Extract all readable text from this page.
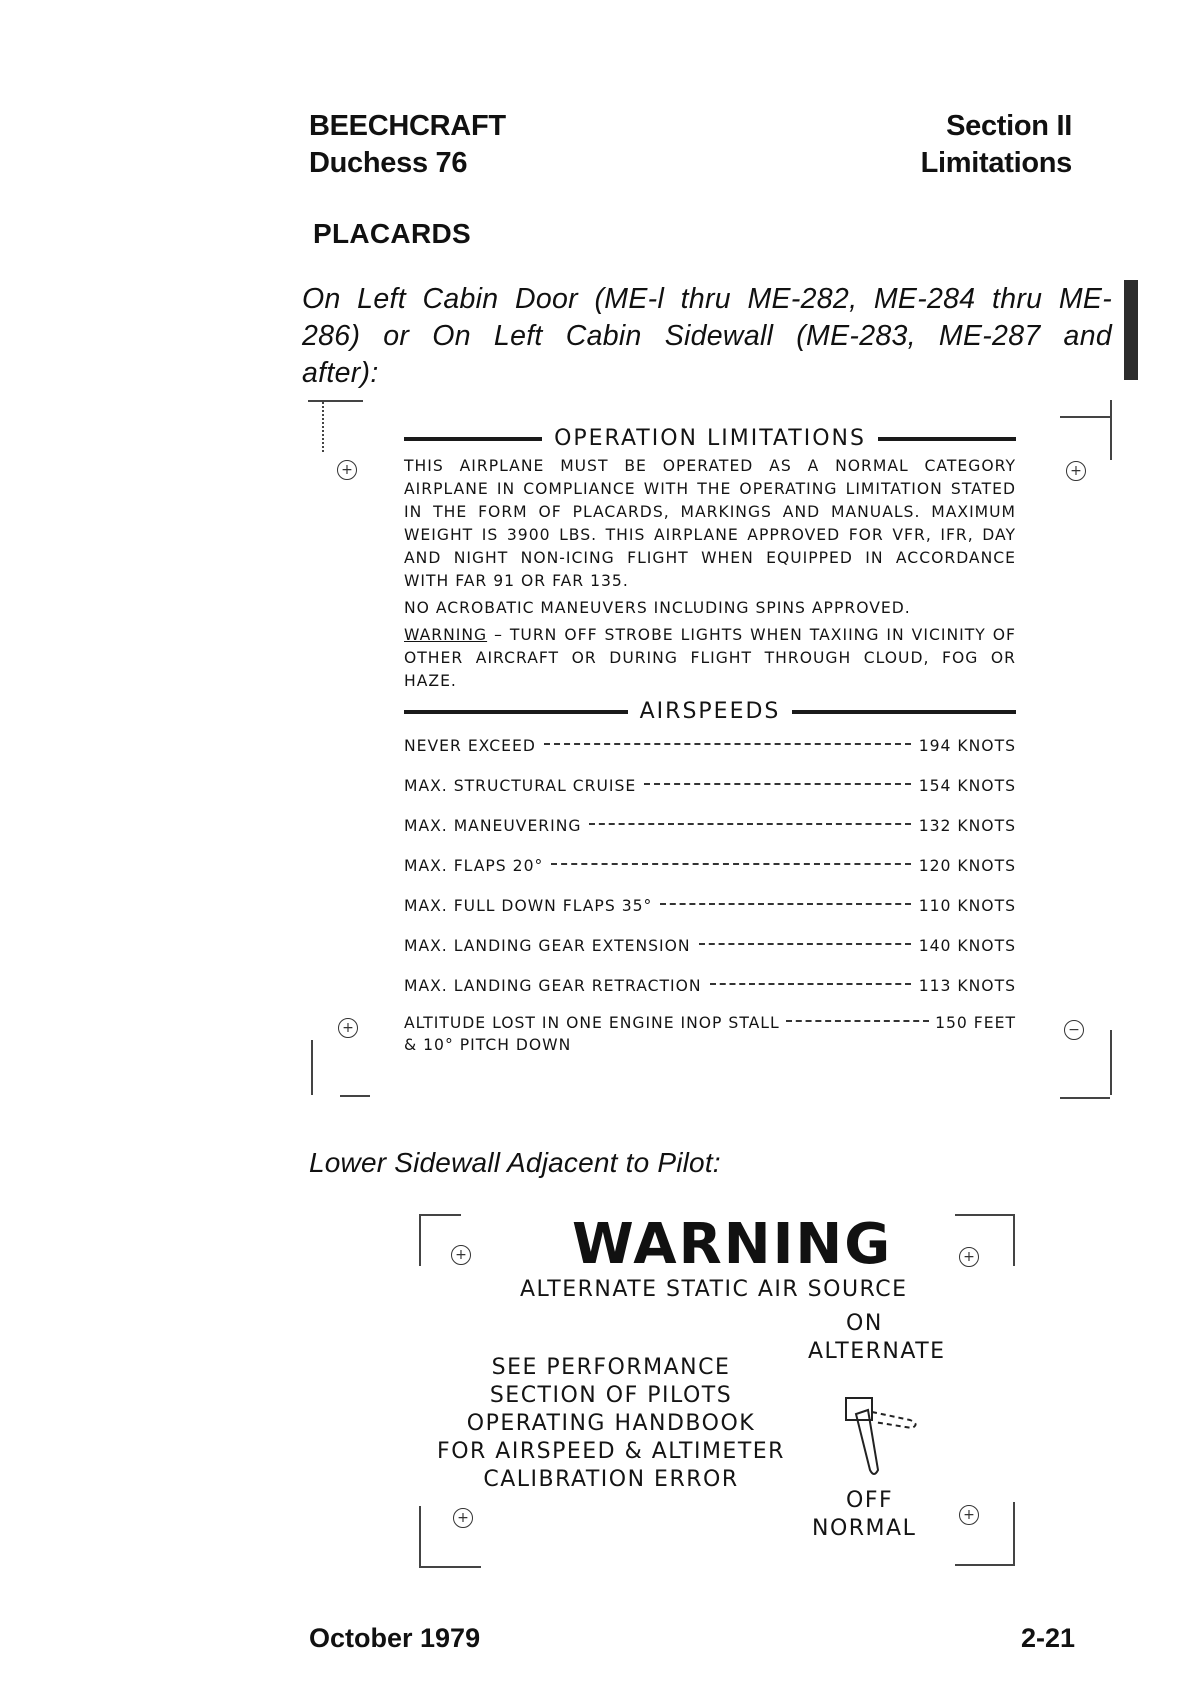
BEECHCRAFT
Duchess 76
Section II
Limitations
PLACARDS
On Left Cabin Door (ME-l thru ME-282, ME-284 thru ME-286) or On Left Cabin Sidewall (ME-283, ME-287 and after):
+	+
+	−
OPERATION LIMITATIONS
THIS AIRPLANE MUST BE OPERATED AS A NORMAL CATEGORY AIRPLANE IN COMPLIANCE WITH THE OPERATING LIMITATION STATED IN THE FORM OF PLACARDS, MARKINGS AND MANUALS. MAXIMUM WEIGHT IS 3900 LBS. THIS AIRPLANE APPROVED FOR VFR, IFR, DAY AND NIGHT NON-ICING FLIGHT WHEN EQUIPPED IN ACCORDANCE WITH FAR 91 OR FAR 135.
NO ACROBATIC MANEUVERS INCLUDING SPINS APPROVED.
WARNING – TURN OFF STROBE LIGHTS WHEN TAXIING IN VICINITY OF OTHER AIRCRAFT OR DURING FLIGHT THROUGH CLOUD, FOG OR HAZE.
AIRSPEEDS
NEVER EXCEED	194 KNOTS
MAX. STRUCTURAL CRUISE	154 KNOTS
MAX. MANEUVERING	132 KNOTS
MAX. FLAPS 20°	120 KNOTS
MAX. FULL DOWN FLAPS 35°	110 KNOTS
MAX. LANDING GEAR EXTENSION	140 KNOTS
MAX. LANDING GEAR RETRACTION	113 KNOTS
ALTITUDE LOST IN ONE ENGINE INOP STALL	150 FEET
& 10° PITCH DOWN
Lower Sidewall Adjacent to Pilot:
+	+
+	+
WARNING
ALTERNATE STATIC AIR SOURCE
ON
ALTERNATE
SEE PERFORMANCE
SECTION OF PILOTS
OPERATING HANDBOOK
FOR AIRSPEED & ALTIMETER
CALIBRATION ERROR
OFF
NORMAL
October 1979	2-21
